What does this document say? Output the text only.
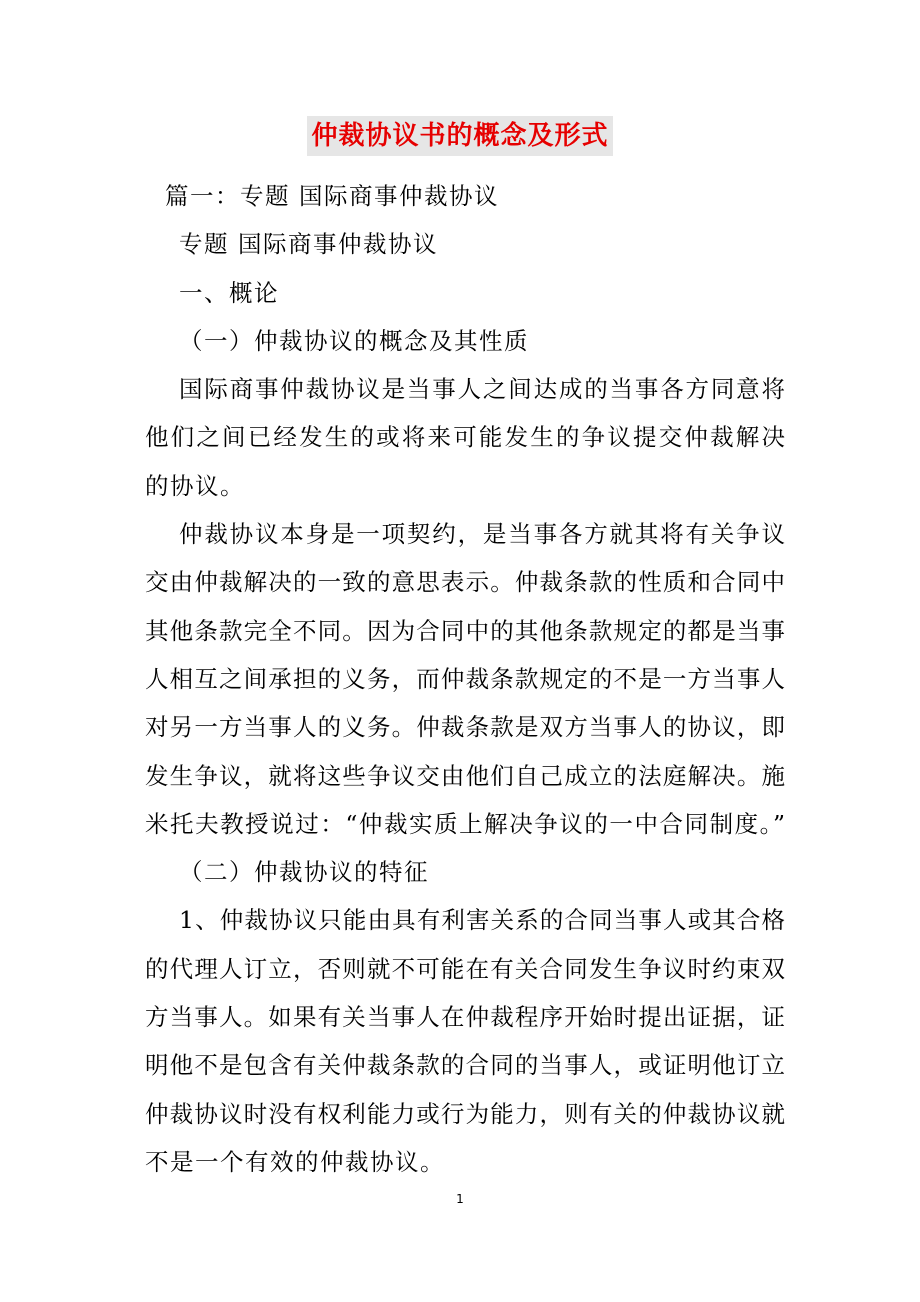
仲裁协议书的概念及形式
篇一：专题 国际商事仲裁协议
专题 国际商事仲裁协议
一、概论
（一）仲裁协议的概念及其性质
国际商事仲裁协议是当事人之间达成的当事各方同意将
他们之间已经发生的或将来可能发生的争议提交仲裁解决
的协议。
仲裁协议本身是一项契约，是当事各方就其将有关争议
交由仲裁解决的一致的意思表示。仲裁条款的性质和合同中
其他条款完全不同。因为合同中的其他条款规定的都是当事
人相互之间承担的义务，而仲裁条款规定的不是一方当事人
对另一方当事人的义务。仲裁条款是双方当事人的协议，即
发生争议，就将这些争议交由他们自己成立的法庭解决。施
米托夫教授说过：“仲裁实质上解决争议的一中合同制度。”
（二）仲裁协议的特征
1、仲裁协议只能由具有利害关系的合同当事人或其合格
的代理人订立，否则就不可能在有关合同发生争议时约束双
方当事人。如果有关当事人在仲裁程序开始时提出证据，证
明他不是包含有关仲裁条款的合同的当事人，或证明他订立
仲裁协议时没有权利能力或行为能力，则有关的仲裁协议就
不是一个有效的仲裁协议。
1
